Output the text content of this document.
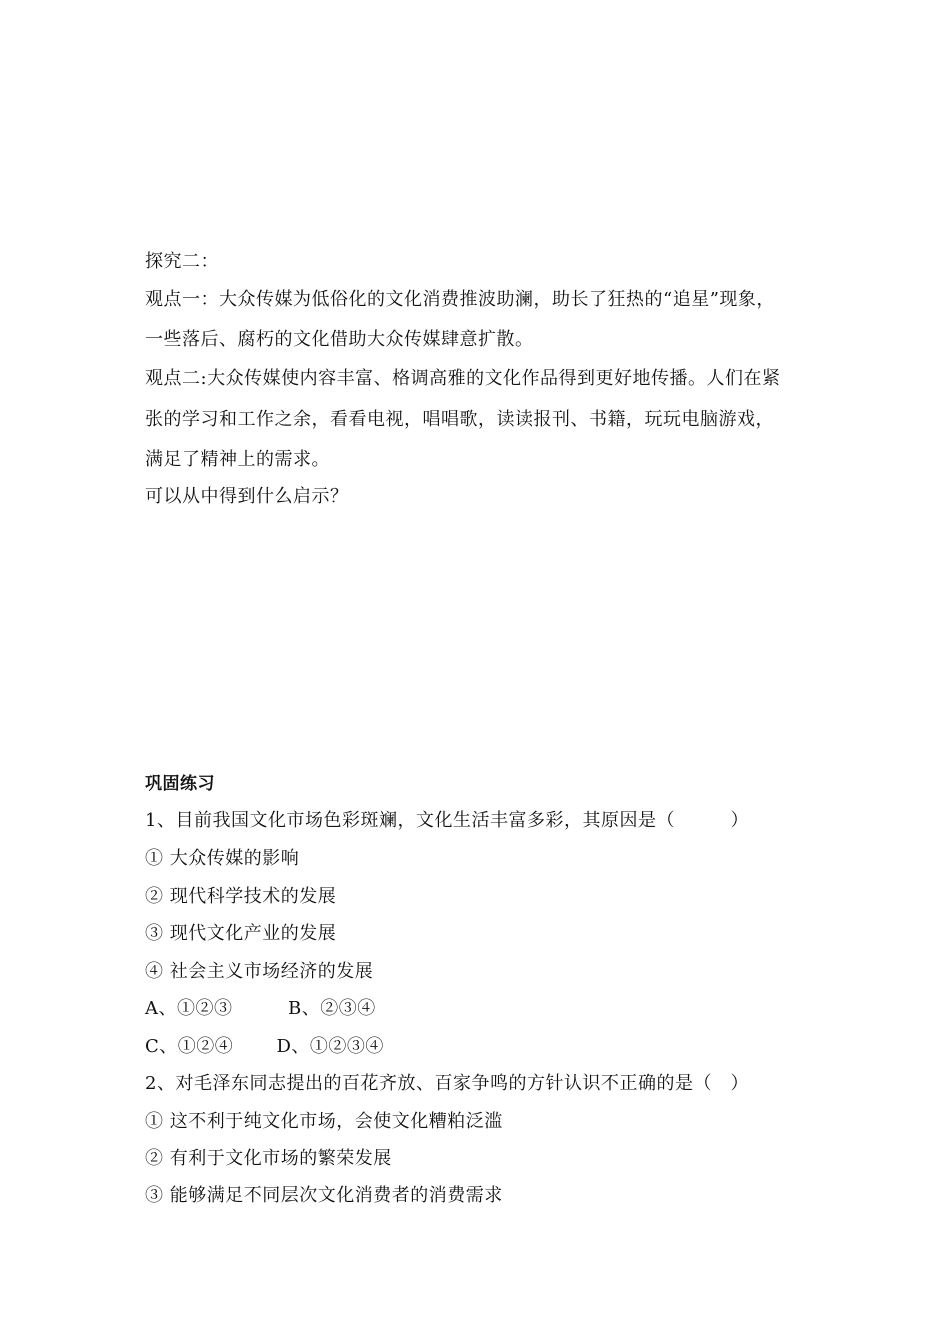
探究二：
观点一：大众传媒为低俗化的文化消费推波助澜，助长了狂热的“追星”现象，
一些落后、腐朽的文化借助大众传媒肆意扩散。
观点二:大众传媒使内容丰富、格调高雅的文化作品得到更好地传播。人们在紧
张的学习和工作之余，看看电视，唱唱歌，读读报刊、书籍，玩玩电脑游戏，
满足了精神上的需求。
可以从中得到什么启示？
巩固练习
1、目前我国文化市场色彩斑斓，文化生活丰富多彩，其原因是（　　　）
① 大众传媒的影响
② 现代科学技术的发展
③ 现代文化产业的发展
④ 社会主义市场经济的发展
A、①②③　　　B、②③④
C、①②④　　 D、①②③④
2、对毛泽东同志提出的百花齐放、百家争鸣的方针认识不正确的是（　）
① 这不利于纯文化市场，会使文化糟粕泛滥
② 有利于文化市场的繁荣发展
③ 能够满足不同层次文化消费者的消费需求
